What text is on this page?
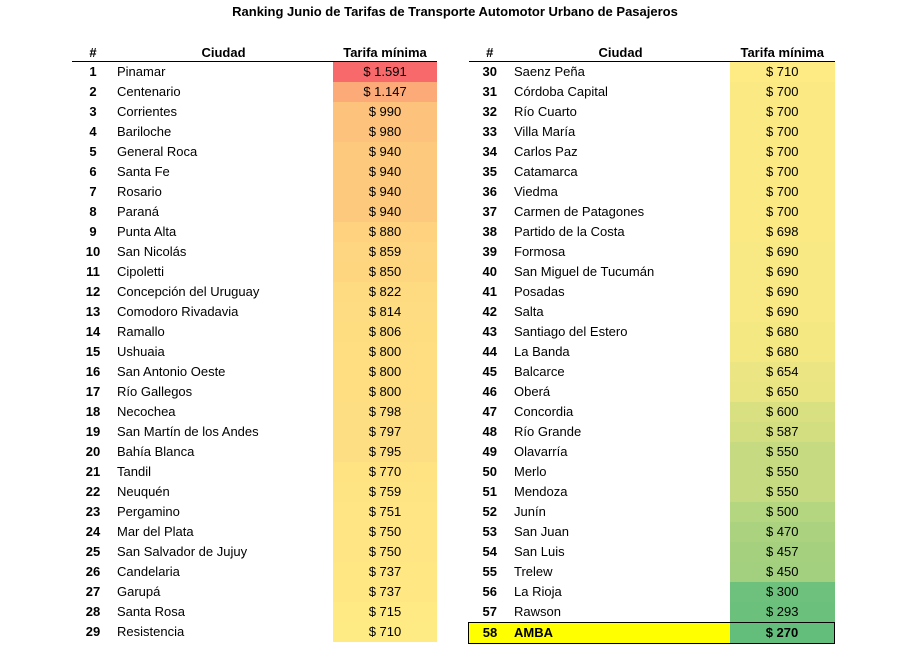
Ranking Junio de Tarifas de Transporte Automotor Urbano de Pasajeros
#	Ciudad	Tarifa mínima
1	Pinamar	$ 1.591
2	Centenario	$ 1.147
3	Corrientes	$ 990
4	Bariloche	$ 980
5	General Roca	$ 940
6	Santa Fe	$ 940
7	Rosario	$ 940
8	Paraná	$ 940
9	Punta Alta	$ 880
10	San Nicolás	$ 859
11	Cipoletti	$ 850
12	Concepción del Uruguay	$ 822
13	Comodoro Rivadavia	$ 814
14	Ramallo	$ 806
15	Ushuaia	$ 800
16	San Antonio Oeste	$ 800
17	Río Gallegos	$ 800
18	Necochea	$ 798
19	San Martín de los Andes	$ 797
20	Bahía Blanca	$ 795
21	Tandil	$ 770
22	Neuquén	$ 759
23	Pergamino	$ 751
24	Mar del Plata	$ 750
25	San Salvador de Jujuy	$ 750
26	Candelaria	$ 737
27	Garupá	$ 737
28	Santa Rosa	$ 715
29	Resistencia	$ 710
#	Ciudad	Tarifa mínima
30	Saenz Peña	$ 710
31	Córdoba Capital	$ 700
32	Río Cuarto	$ 700
33	Villa María	$ 700
34	Carlos Paz	$ 700
35	Catamarca	$ 700
36	Viedma	$ 700
37	Carmen de Patagones	$ 700
38	Partido de la Costa	$ 698
39	Formosa	$ 690
40	San Miguel de Tucumán	$ 690
41	Posadas	$ 690
42	Salta	$ 690
43	Santiago del Estero	$ 680
44	La Banda	$ 680
45	Balcarce	$ 654
46	Oberá	$ 650
47	Concordia	$ 600
48	Río Grande	$ 587
49	Olavarría	$ 550
50	Merlo	$ 550
51	Mendoza	$ 550
52	Junín	$ 500
53	San Juan	$ 470
54	San Luis	$ 457
55	Trelew	$ 450
56	La Rioja	$ 300
57	Rawson	$ 293
58	AMBA	$ 270
